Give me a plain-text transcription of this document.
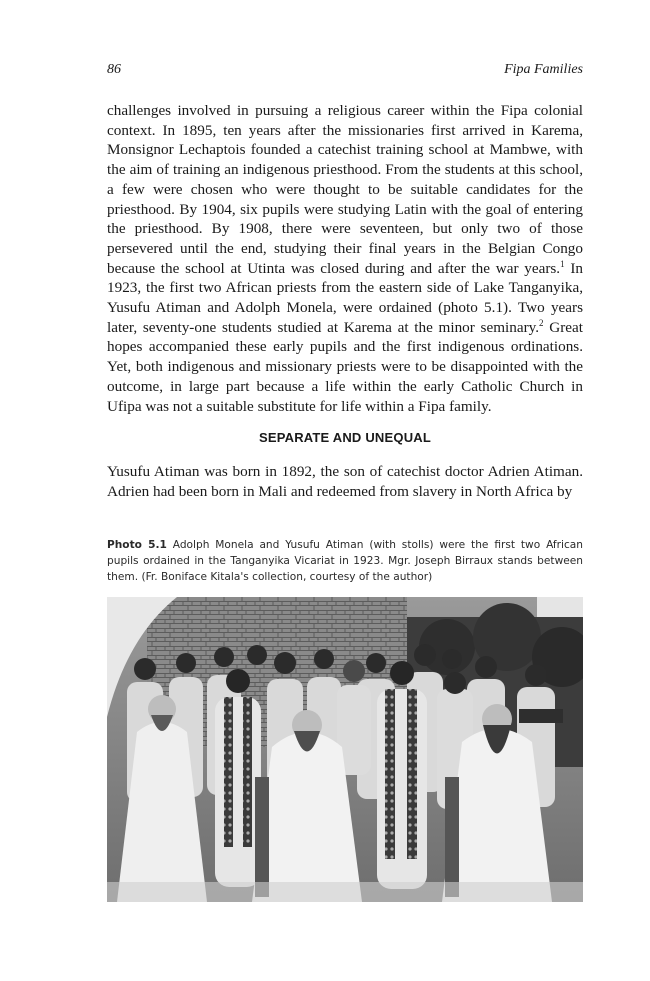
86	Fipa Families

challenges involved in pursuing a religious career within the Fipa colonial context. In 1895, ten years after the missionaries first arrived in Karema, Monsignor Lechaptois founded a catechist training school at Mambwe, with the aim of training an indigenous priesthood. From the students at this school, a few were chosen who were thought to be suitable candidates for the priesthood. By 1904, six pupils were studying Latin with the goal of entering the priesthood. By 1908, there were seventeen, but only two of those persevered until the end, studying their final years in the Belgian Congo because the school at Utinta was closed during and after the war years.$^1$ In 1923, the first two African priests from the eastern side of Lake Tanganyika, Yusufu Atiman and Adolph Monela, were ordained (photo 5.1). Two years later, seventy-one students studied at Karema at the minor seminary.$^2$ Great hopes accompanied these early pupils and the first indigenous ordinations. Yet, both indigenous and missionary priests were to be disappointed with the outcome, in large part because a life within the early Catholic Church in Ufipa was not a suitable substitute for life within a Fipa family.

SEPARATE AND UNEQUAL

Yusufu Atiman was born in 1892, the son of catechist doctor Adrien Atiman. Adrien had been born in Mali and redeemed from slavery in North Africa by

Photo 5.1 Adolph Monela and Yusufu Atiman (with stolls) were the first two African pupils ordained in the Tanganyika Vicariat in 1923. Mgr. Joseph Birraux stands between them. (Fr. Boniface Kitala's collection, courtesy of the author)
